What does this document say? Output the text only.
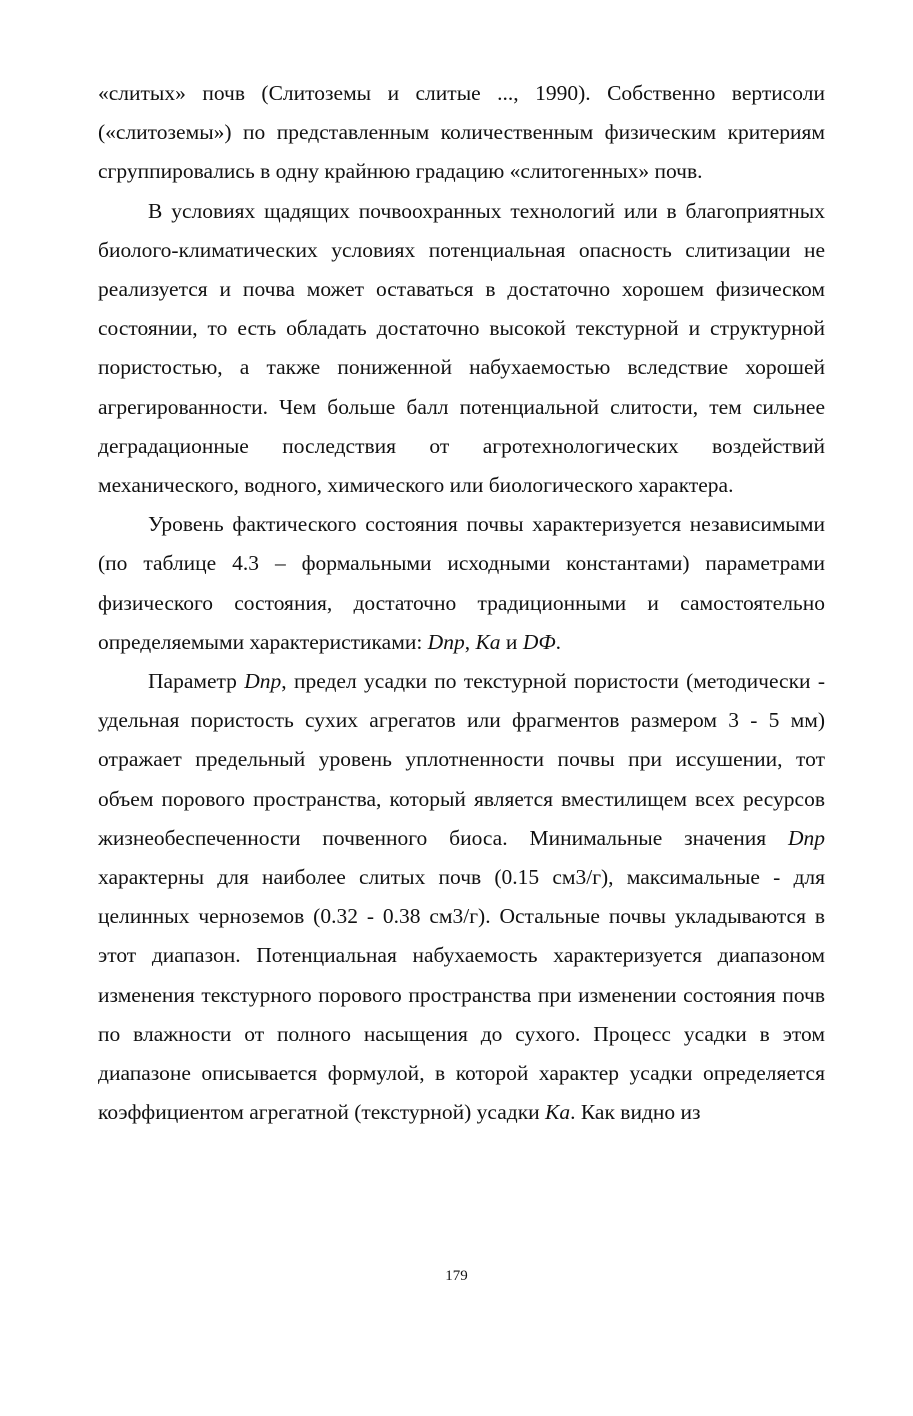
«слитых» почв (Слитоземы и слитые ..., 1990). Собственно вертисоли («слитоземы») по представленным количественным физическим критериям сгруппировались в одну крайнюю градацию «слитогенных» почв.

В условиях щадящих почвоохранных технологий или в благоприятных биолого-климатических условиях потенциальная опасность слитизации не реализуется и почва может оставаться в достаточно хорошем физическом состоянии, то есть обладать достаточно высокой текстурной и структурной пористостью, а также пониженной набухаемостью вследствие хорошей агрегированности. Чем больше балл потенциальной слитости, тем сильнее деградационные последствия от агротехнологических воздействий механического, водного, химического или биологического характера.

Уровень фактического состояния почвы характеризуется независимыми (по таблице 4.3 – формальными исходными константами) параметрами физического состояния, достаточно традиционными и самостоятельно определяемыми характеристиками: Dпр, Ka и DФ.

Параметр Dпр, предел усадки по текстурной пористости (методически - удельная пористость сухих агрегатов или фрагментов размером 3 - 5 мм) отражает предельный уровень уплотненности почвы при иссушении, тот объем порового пространства, который является вместилищем всех ресурсов жизнеобеспеченности почвенного биоса. Минимальные значения Dпр характерны для наиболее слитых почв (0.15 см3/г), максимальные - для целинных черноземов (0.32 - 0.38 см3/г). Остальные почвы укладываются в этот диапазон. Потенциальная набухаемость характеризуется диапазоном изменения текстурного порового пространства при изменении состояния почв по влажности от полного насыщения до сухого. Процесс усадки в этом диапазоне описывается формулой, в которой характер усадки определяется коэффициентом агрегатной (текстурной) усадки Ka. Как видно из

179
